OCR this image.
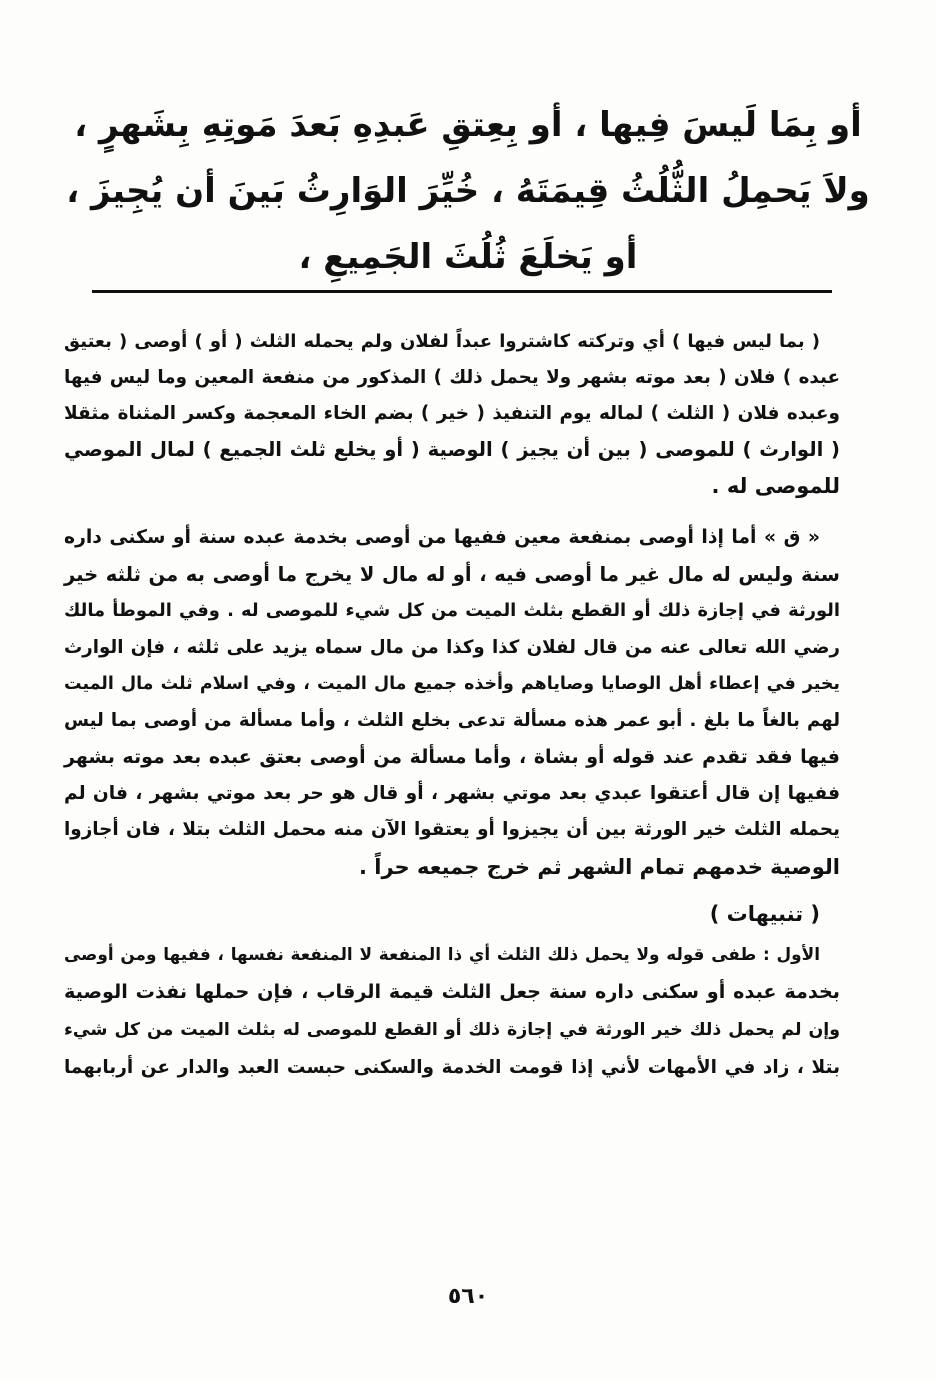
أو بِمَا لَيسَ فِيها ، أو بِعِتقِ عَبدِهِ بَعدَ مَوتِهِ بِشَهرٍ ،
ولاَ يَحمِلُ الثُّلُثُ قِيمَتَهُ ، خُيِّرَ الوَارِثُ بَينَ أن يُجِيزَ ،
أو يَخلَعَ ثُلُثَ الجَمِيعِ ،
( بما ليس فيها ) أي وتركته كاشتروا عبداً لفلان ولم يحمله الثلث ( أو ) أوصى ( بعتيق
عبده ) فلان ( بعد موته بشهر ولا يحمل ذلك ) المذكور من منفعة المعين وما ليس فيها
وعبده فلان ( الثلث ) لماله يوم التنفيذ ( خير ) بضم الخاء المعجمة وكسر المثناة مثقلا
( الوارث ) للموصى ( بين أن يجيز ) الوصية ( أو يخلع ثلث الجميع ) لمال الموصي
للموصى له .
« ق » أما إذا أوصى بمنفعة معين ففيها من أوصى بخدمة عبده سنة أو سكنى داره
سنة وليس له مال غير ما أوصى فيه ، أو له مال لا يخرج ما أوصى به من ثلثه خير
الورثة في إجازة ذلك أو القطع بثلث الميت من كل شيء للموصى له . وفي الموطأ مالك
رضي الله تعالى عنه من قال لفلان كذا وكذا من مال سماه يزيد على ثلثه ، فإن الوارث
يخير في إعطاء أهل الوصايا وصاياهم وأخذه جميع مال الميت ، وفي اسلام ثلث مال الميت
لهم بالغاً ما بلغ . أبو عمر هذه مسألة تدعى بخلع الثلث ، وأما مسألة من أوصى بما ليس
فيها فقد تقدم عند قوله أو بشاة ، وأما مسألة من أوصى بعتق عبده بعد موته بشهر
ففيها إن قال أعتقوا عبدي بعد موتي بشهر ، أو قال هو حر بعد موتي بشهر ، فان لم
يحمله الثلث خير الورثة بين أن يجيزوا أو يعتقوا الآن منه محمل الثلث بتلا ، فان أجازوا
الوصية خدمهم تمام الشهر ثم خرج جميعه حراً .
( تنبيهات )
الأول : طفى قوله ولا يحمل ذلك الثلث أي ذا المنفعة لا المنفعة نفسها ، ففيها ومن أوصى
بخدمة عبده أو سكنى داره سنة جعل الثلث قيمة الرقاب ، فإن حملها نفذت الوصية
وإن لم يحمل ذلك خير الورثة في إجازة ذلك أو القطع للموصى له بثلث الميت من كل شيء
بتلا ، زاد في الأمهات لأني إذا قومت الخدمة والسكنى حبست العبد والدار عن أربابهما
٥٦٠
